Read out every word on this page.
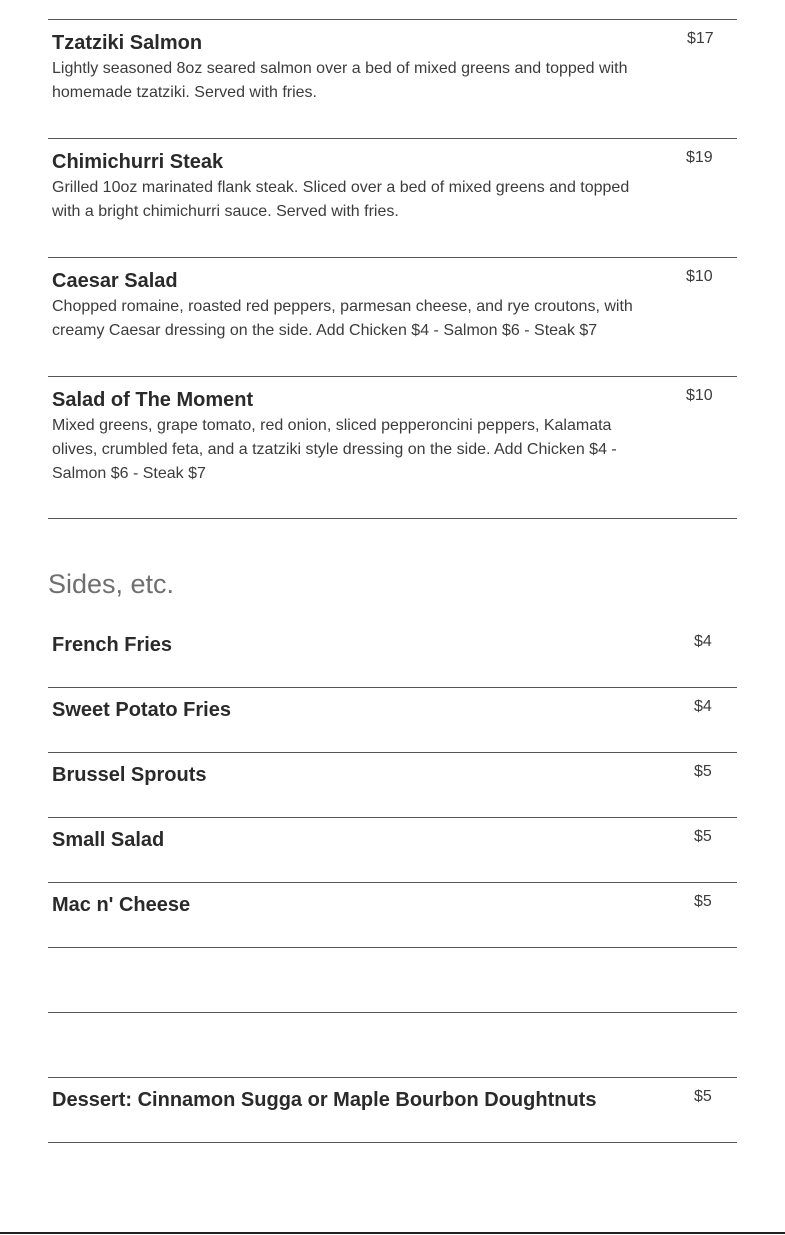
Tzatziki Salmon	$17
Lightly seasoned 8oz seared salmon over a bed of mixed greens and topped with homemade tzatziki. Served with fries.
Chimichurri Steak	$19
Grilled 10oz marinated flank steak. Sliced over a bed of mixed greens and topped with a bright chimichurri sauce. Served with fries.
Caesar Salad	$10
Chopped romaine, roasted red peppers, parmesan cheese, and rye croutons, with creamy Caesar dressing on the side. Add Chicken $4 - Salmon $6 - Steak $7
Salad of The Moment	$10
Mixed greens, grape tomato, red onion, sliced pepperoncini peppers, Kalamata olives, crumbled feta, and a tzatziki style dressing on the side. Add Chicken $4 - Salmon $6 - Steak $7
Sides, etc.
French Fries	$4
Sweet Potato Fries	$4
Brussel Sprouts	$5
Small Salad	$5
Mac n' Cheese	$5
Dessert: Cinnamon Sugga or Maple Bourbon Doughtnuts	$5
